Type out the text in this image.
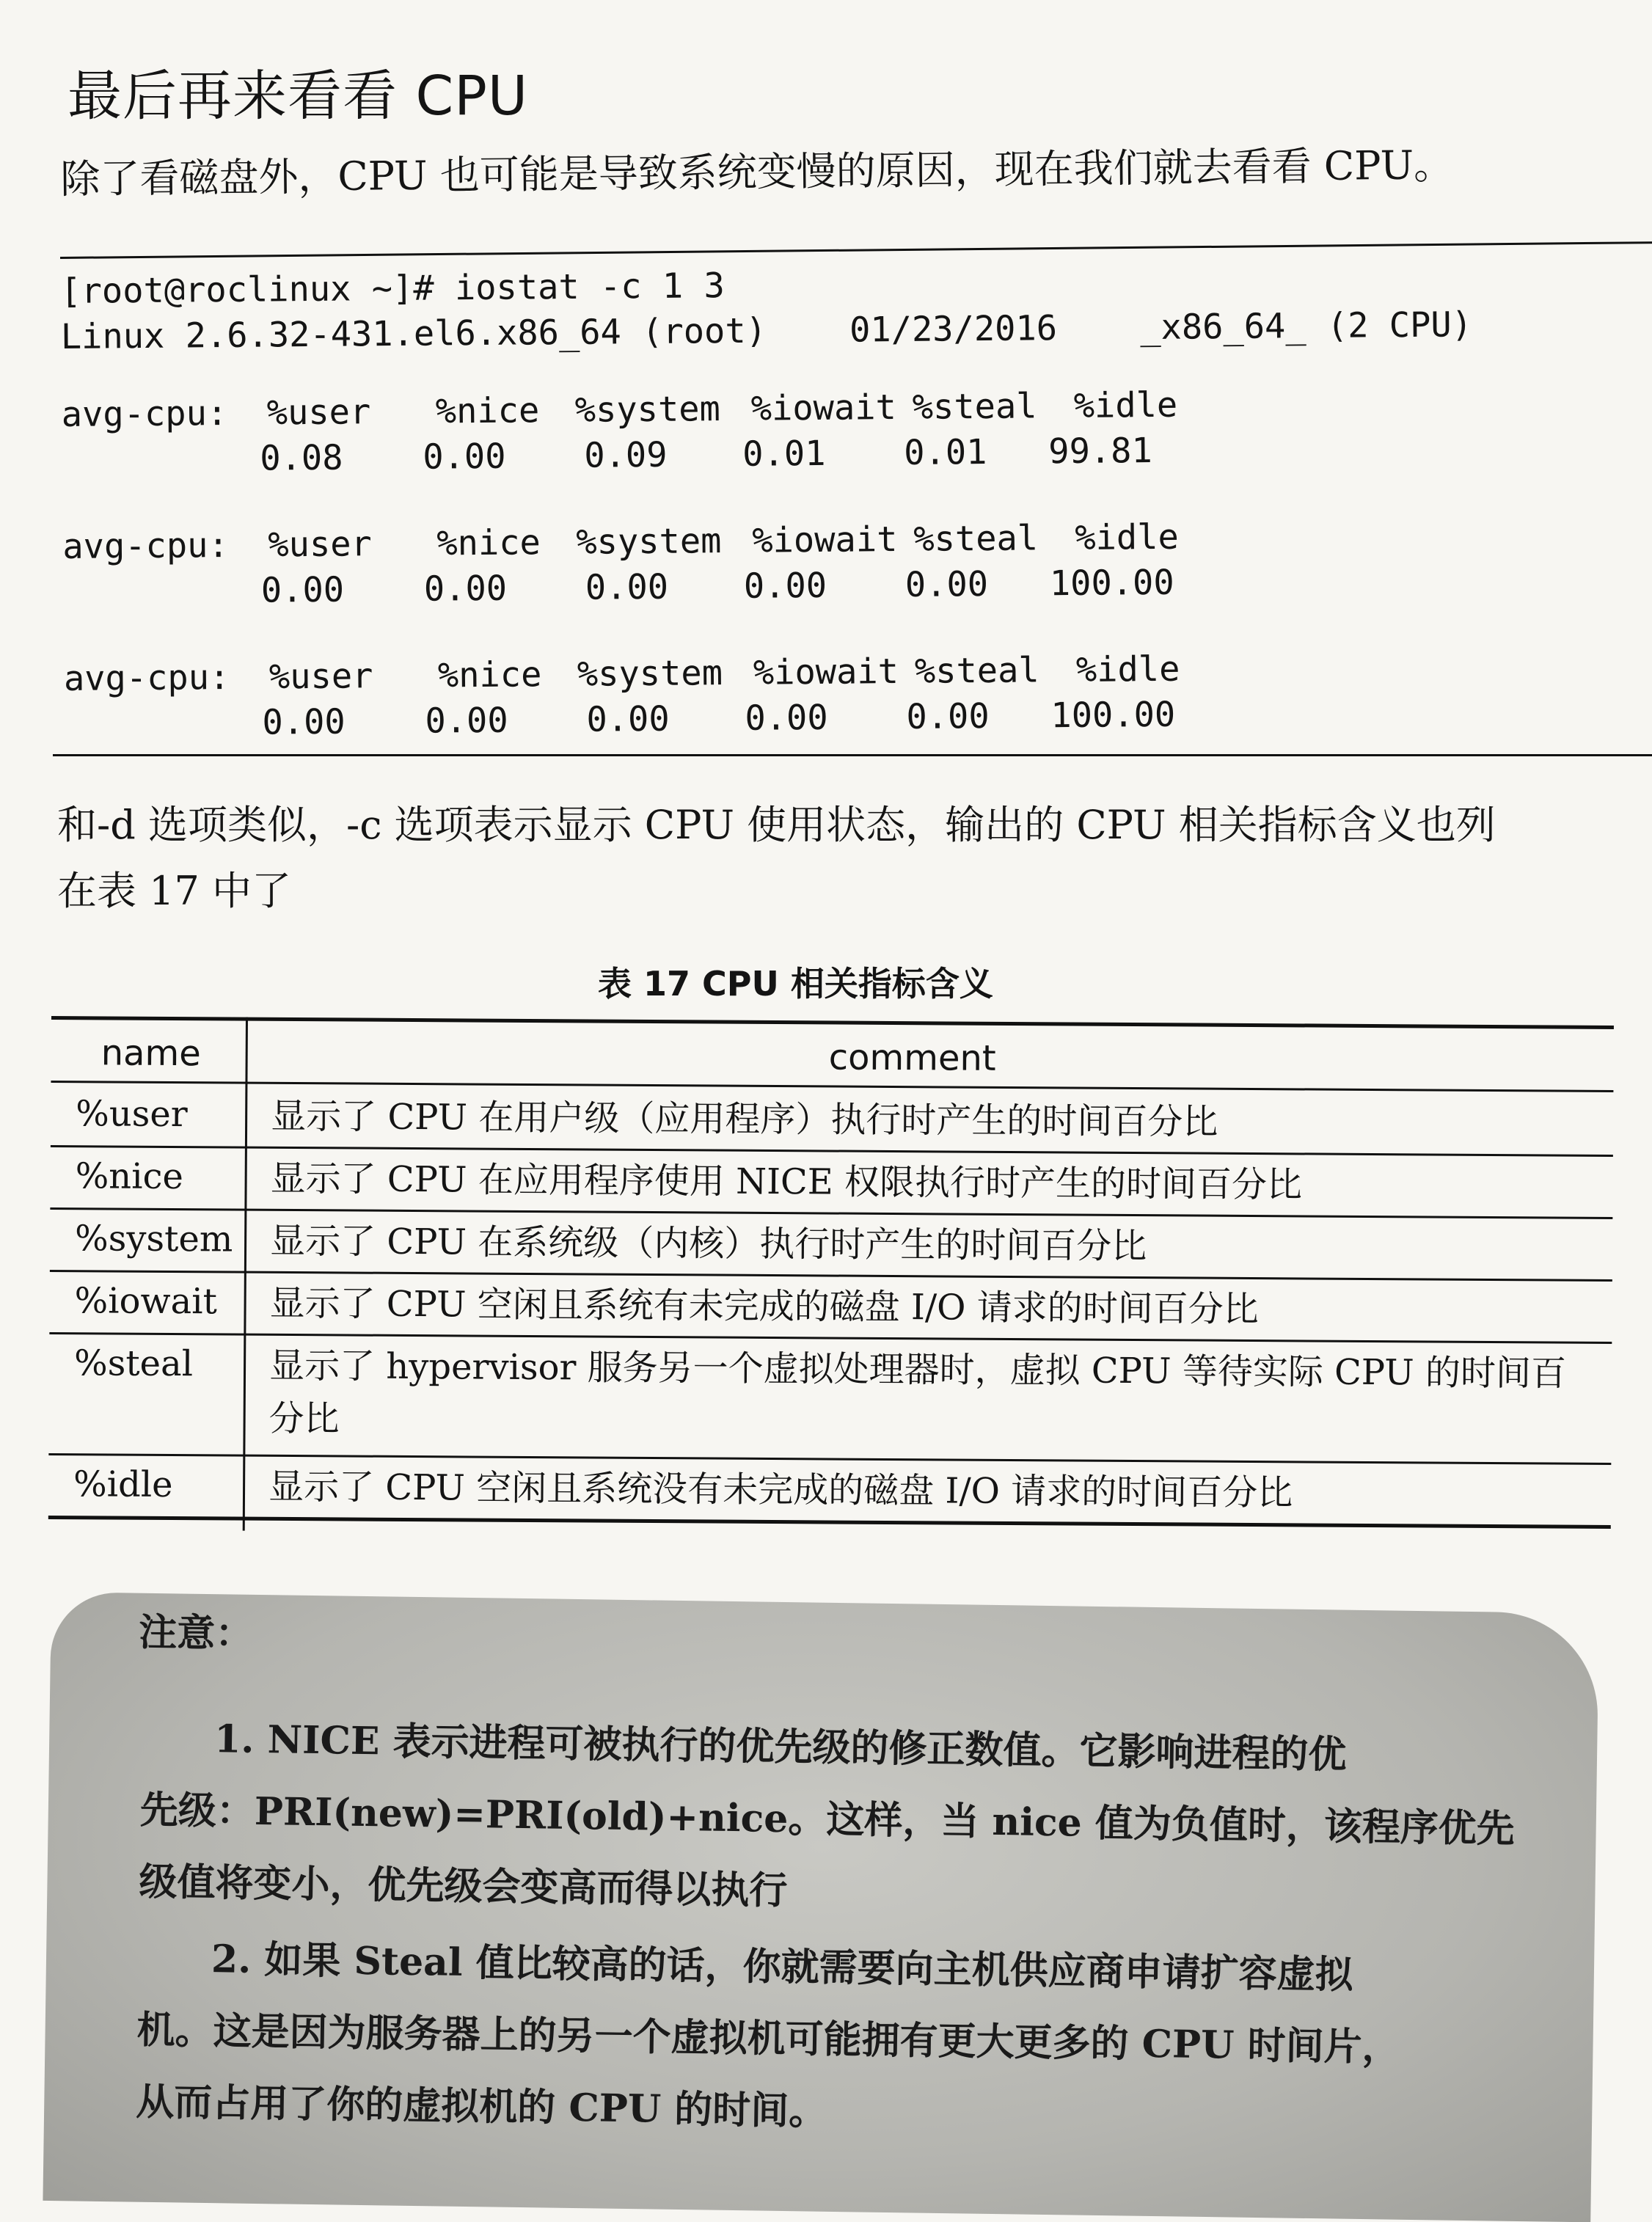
最后再来看看 CPU
除了看磁盘外，CPU 也可能是导致系统变慢的原因，现在我们就去看看 CPU。

[root@roclinux ~]# iostat -c 1 3

Linux 2.6.32-431.el6.x86_64 (root)    01/23/2016    _x86_64_ (2 CPU)

avg-cpu: %user %nice %system %iowait %steal %idle
0.08 0.00 0.09 0.01 0.01 99.81
avg-cpu: %user %nice %system %iowait %steal %idle
0.00 0.00 0.00 0.00 0.00 100.00
avg-cpu: %user %nice %system %iowait %steal %idle
0.00 0.00 0.00 0.00 0.00 100.00

和-d 选项类似，-c 选项表示显示 CPU 使用状态，输出的 CPU 相关指标含义也列
在表 17 中了
表 17 CPU 相关指标含义
name	comment
%user 显示了 CPU 在用户级（应用程序）执行时产生的时间百分比
%nice 显示了 CPU 在应用程序使用 NICE 权限执行时产生的时间百分比
%system 显示了 CPU 在系统级（内核）执行时产生的时间百分比
%iowait 显示了 CPU 空闲且系统有未完成的磁盘 I/O 请求的时间百分比
%steal 显示了 hypervisor 服务另一个虚拟处理器时，虚拟 CPU 等待实际 CPU 的时间百分比
%idle	显示了 CPU 空闲且系统没有未完成的磁盘 I/O 请求的时间百分比
注意：
1. NICE 表示进程可被执行的优先级的修正数值。它影响进程的优
先级：PRI(new)=PRI(old)+nice。这样，当 nice 值为负值时，该程序优先
级值将变小，优先级会变高而得以执行
2. 如果 Steal 值比较高的话，你就需要向主机供应商申请扩容虚拟
机。这是因为服务器上的另一个虚拟机可能拥有更大更多的 CPU 时间片，
从而占用了你的虚拟机的 CPU 的时间。
